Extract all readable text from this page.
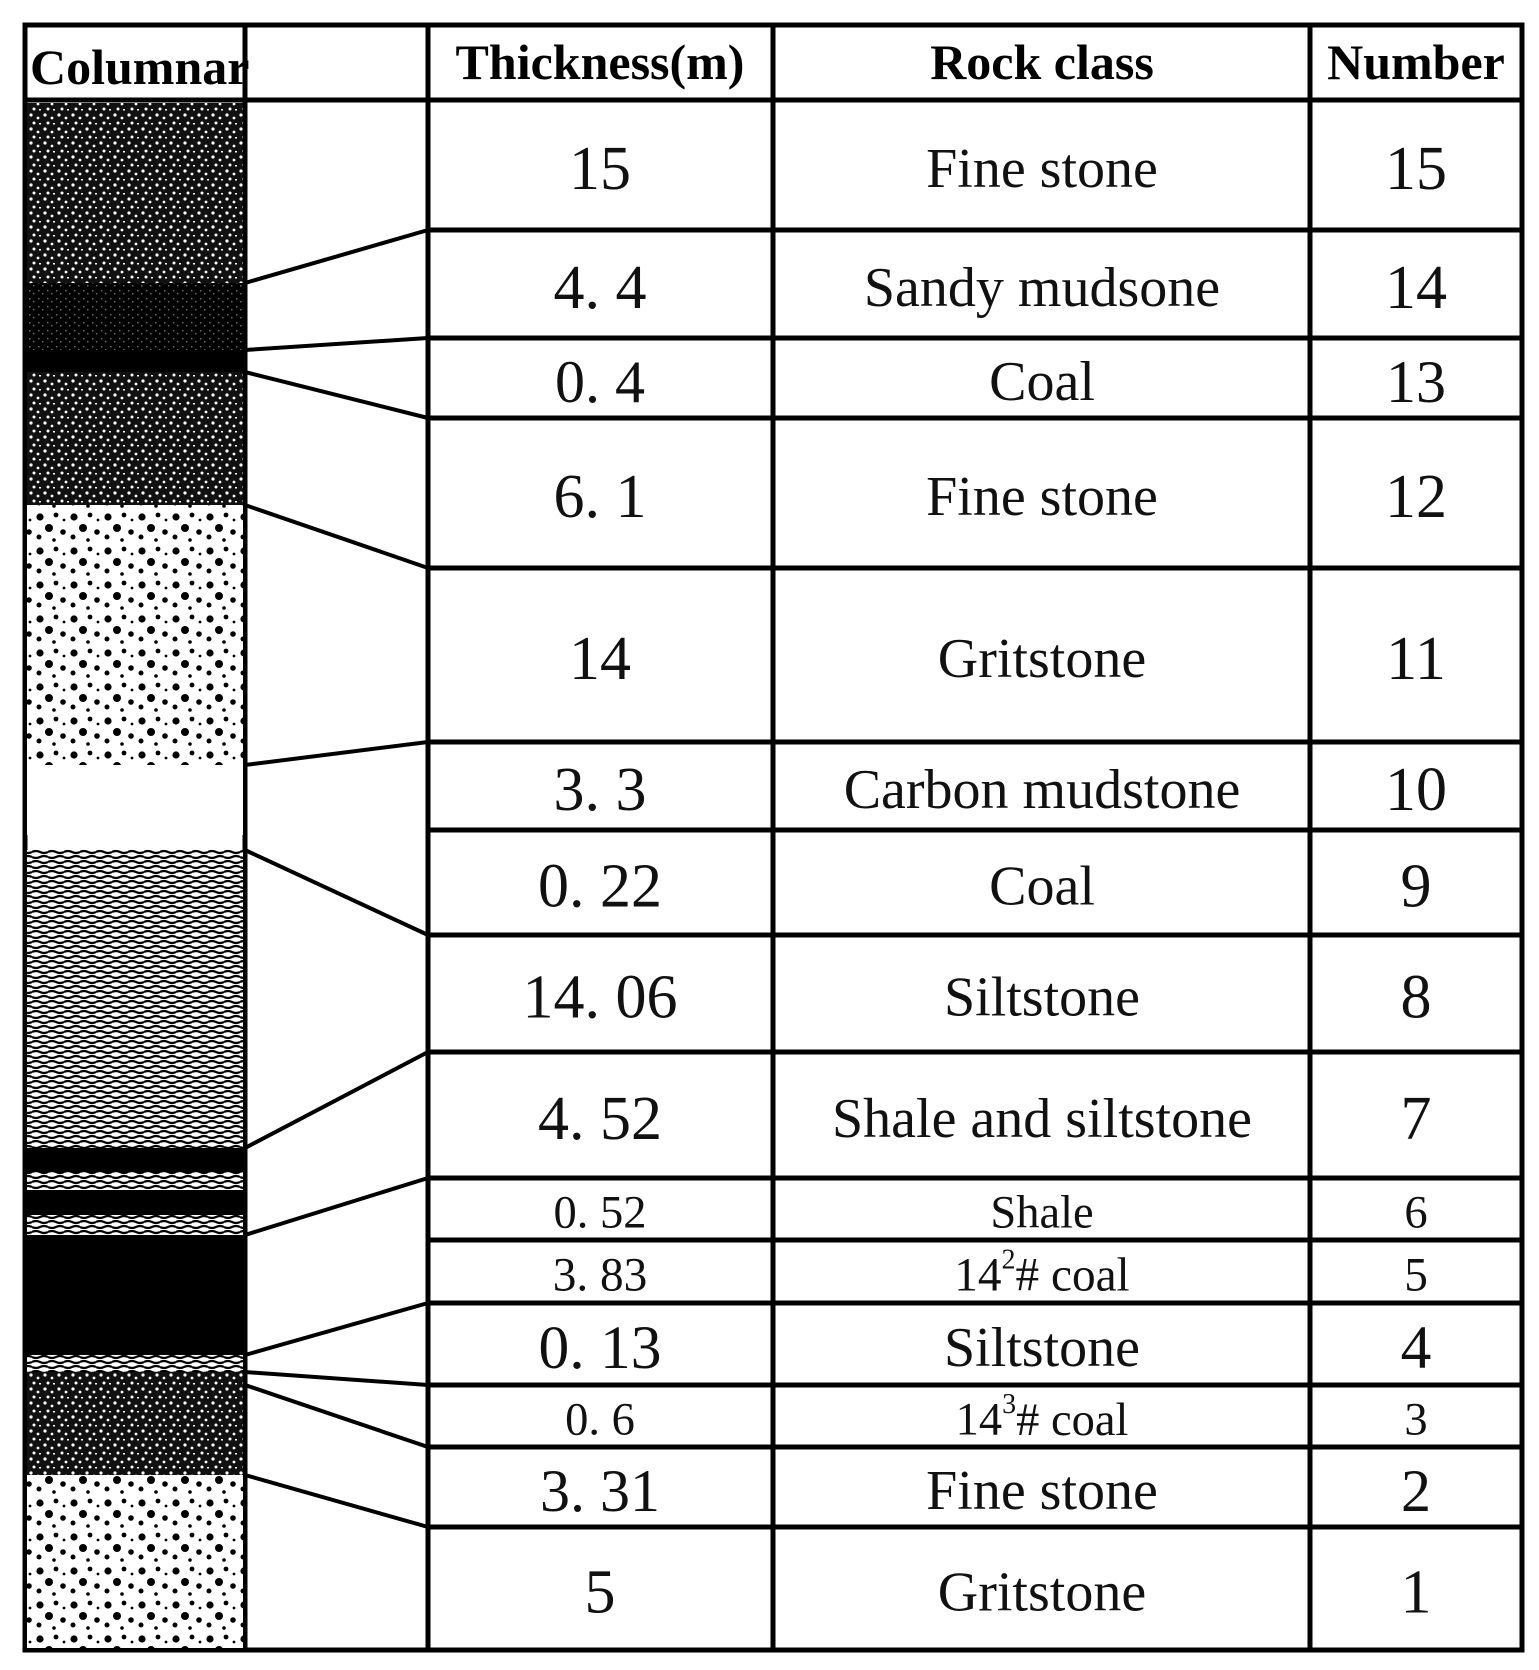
Columnar	Thickness(m)	Rock class	Number
15	Fine stone	15
4. 4	Sandy mudsone	14
0. 4	Coal	13
6. 1	Fine stone	12
14	Gritstone	11
3. 3	Carbon mudstone 10
0. 22	Coal	9
14. 06	Siltstone	8
4. 52	Shale and siltstone 7
0. 52	Shale	6
3. 83	$14^2\#$ coal	5
0. 13	Siltstone	4
0. 6	$14^3\#$ coal	3
3. 31	Fine stone	2
5	Gritstone	1
